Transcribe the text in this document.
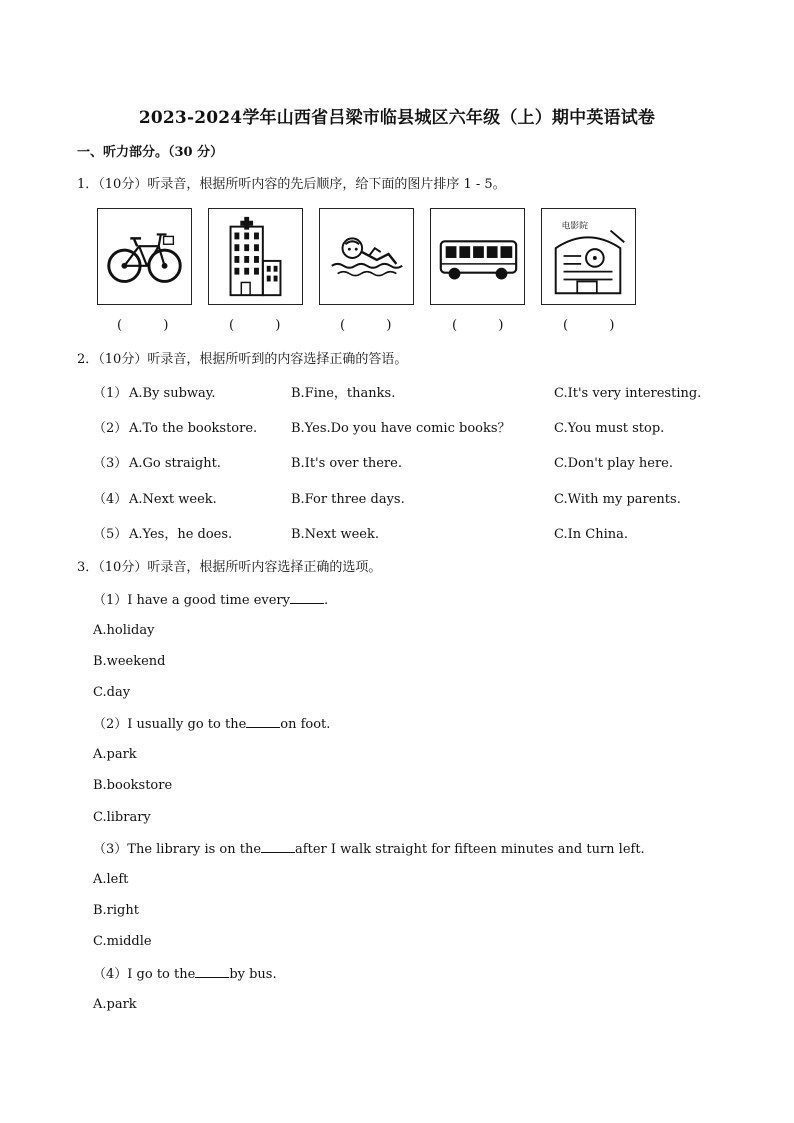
2023-2024学年山西省吕梁市临县城区六年级（上）期中英语试卷
一、听力部分。（30 分）
1．（10分）听录音，根据所听内容的先后顺序，给下面的图片排序 1 - 5。
电影院
(          )	(          )	(          )	(          )	(          )
2．（10分）听录音，根据所听到的内容选择正确的答语。
（1） A.By subway.	B.Fine，thanks.	C.It's very interesting.
（2） A.To the bookstore.	B.Yes.Do you have comic books？	C.You must stop.
（3） A.Go straight.	B.It's over there.	C.Don't play here.
（4） A.Next week.	B.For three days.	C.With my parents.
（5） A.Yes，he does.	B.Next week.	C.In China.
3．（10分）听录音，根据所听内容选择正确的选项。
（1）I have a good time every	.
A.holiday
B.weekend
C.day
（2）I usually go to the	on foot.
A.park
B.bookstore
C.library
（3）The library is on the	after I walk straight for fifteen minutes and turn left.
A.left
B.right
C.middle
（4）I go to the	by bus.
A.park
